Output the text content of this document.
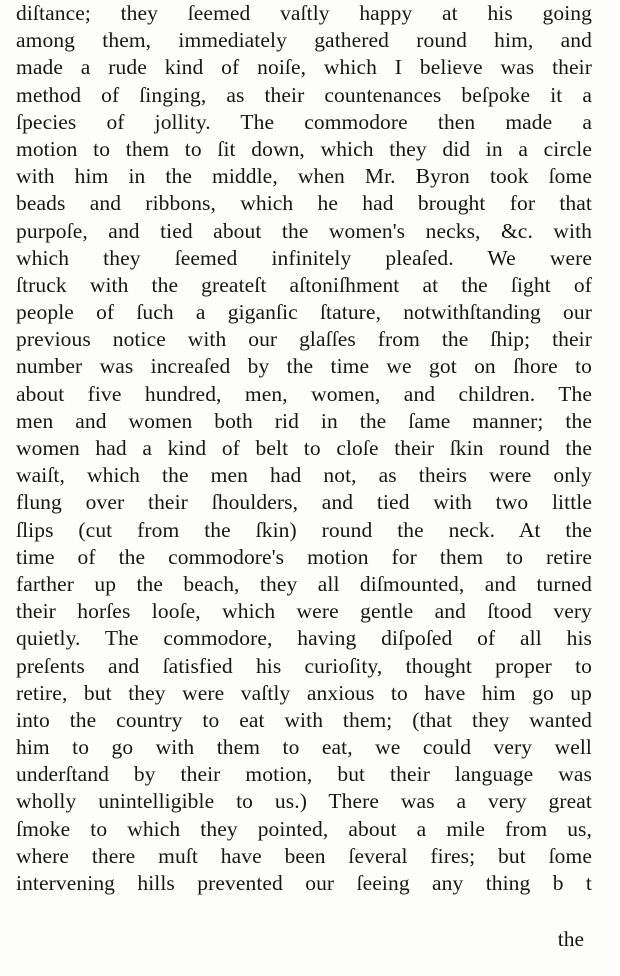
diſtance; they ſeemed vaſtly happy at his going
among them, immediately gathered round him, and
made a rude kind of noiſe, which I believe was their
method of ſinging, as their countenances beſpoke it a
ſpecies of jollity. The commodore then made a
motion to them to ſit down, which they did in a circle
with him in the middle, when Mr. Byron took ſome
beads and ribbons, which he had brought for that
purpoſe, and tied about the women's necks, &c. with
which they ſeemed infinitely pleaſed. We were
ſtruck with the greateſt aſtoniſhment at the ſight of
people of ſuch a giganſic ſtature, notwithſtanding our
previous notice with our glaſſes from the ſhip; their
number was increaſed by the time we got on ſhore to
about five hundred, men, women, and children. The
men and women both rid in the ſame manner; the
women had a kind of belt to cloſe their ſkin round the
waiſt, which the men had not, as theirs were only
flung over their ſhoulders, and tied with two little
ſlips (cut from the ſkin) round the neck. At the
time of the commodore's motion for them to retire
farther up the beach, they all diſmounted, and turned
their horſes looſe, which were gentle and ſtood very
quietly. The commodore, having diſpoſed of all his
preſents and ſatisfied his curioſity, thought proper to
retire, but they were vaſtly anxious to have him go up
into the country to eat with them; (that they wanted
him to go with them to eat, we could very well
underſtand by their motion, but their language was
wholly unintelligible to us.) There was a very great
ſmoke to which they pointed, about a mile from us,
where there muſt have been ſeveral fires; but ſome
intervening hills prevented our ſeeing any thing b t
the
